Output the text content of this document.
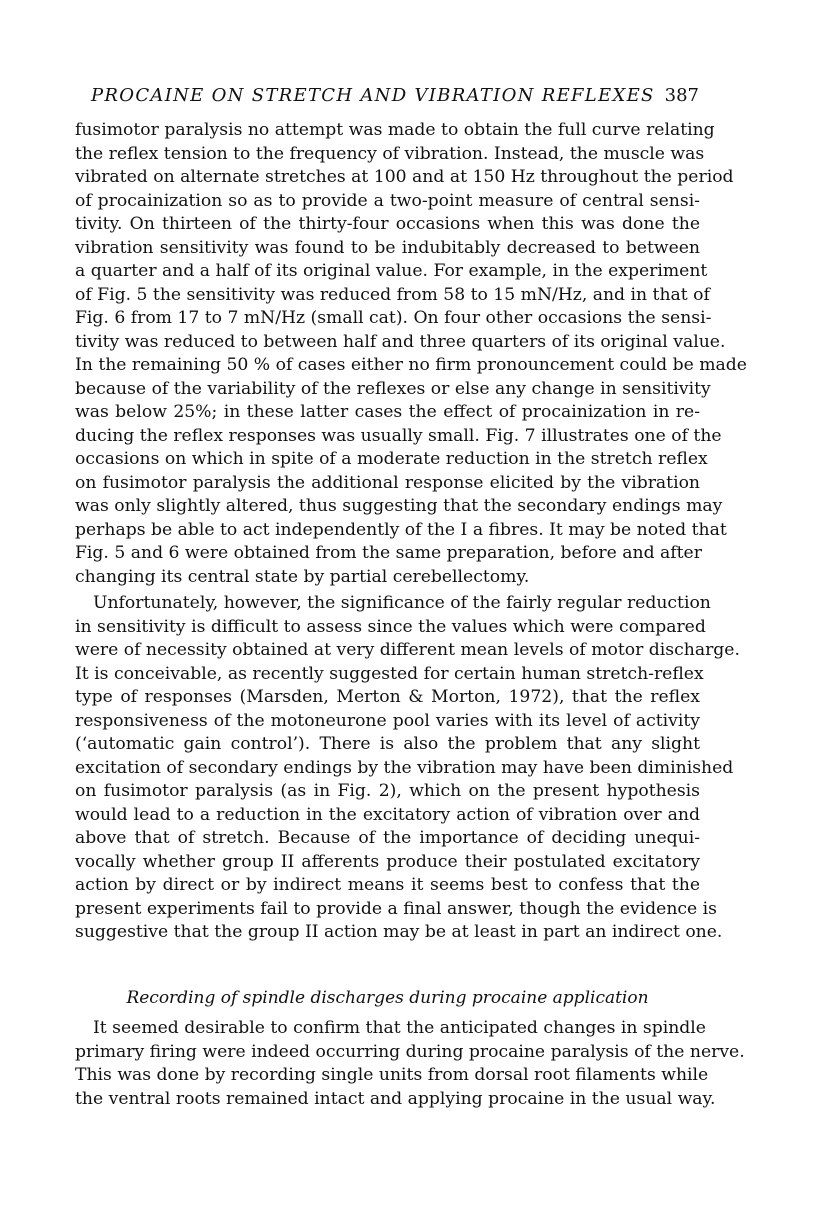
PROCAINE ON STRETCH AND VIBRATION REFLEXES 387

fusimotor paralysis no attempt was made to obtain the full curve relating

the reflex tension to the frequency of vibration. Instead, the muscle was

vibrated on alternate stretches at 100 and at 150 Hz throughout the period

of procainization so as to provide a two-point measure of central sensi-

tivity. On thirteen of the thirty-four occasions when this was done the

vibration sensitivity was found to be indubitably decreased to between

a quarter and a half of its original value. For example, in the experiment

of Fig. 5 the sensitivity was reduced from 58 to 15 mN/Hz, and in that of

Fig. 6 from 17 to 7 mN/Hz (small cat). On four other occasions the sensi-

tivity was reduced to between half and three quarters of its original value.

In the remaining 50 % of cases either no firm pronouncement could be made

because of the variability of the reflexes or else any change in sensitivity

was below 25%; in these latter cases the effect of procainization in re-

ducing the reflex responses was usually small. Fig. 7 illustrates one of the

occasions on which in spite of a moderate reduction in the stretch reflex

on fusimotor paralysis the additional response elicited by the vibration

was only slightly altered, thus suggesting that the secondary endings may

perhaps be able to act independently of the I a fibres. It may be noted that

Fig. 5 and 6 were obtained from the same preparation, before and after

changing its central state by partial cerebellectomy.

Unfortunately, however, the significance of the fairly regular reduction

in sensitivity is difficult to assess since the values which were compared

were of necessity obtained at very different mean levels of motor discharge.

It is conceivable, as recently suggested for certain human stretch-reflex

type of responses (Marsden, Merton & Morton, 1972), that the reflex

responsiveness of the motoneurone pool varies with its level of activity

(‘automatic gain control’). There is also the problem that any slight

excitation of secondary endings by the vibration may have been diminished

on fusimotor paralysis (as in Fig. 2), which on the present hypothesis

would lead to a reduction in the excitatory action of vibration over and

above that of stretch. Because of the importance of deciding unequi-

vocally whether group II afferents produce their postulated excitatory

action by direct or by indirect means it seems best to confess that the

present experiments fail to provide a final answer, though the evidence is

suggestive that the group II action may be at least in part an indirect one.

Recording of spindle discharges during procaine application

It seemed desirable to confirm that the anticipated changes in spindle

primary firing were indeed occurring during procaine paralysis of the nerve.

This was done by recording single units from dorsal root filaments while

the ventral roots remained intact and applying procaine in the usual way.
